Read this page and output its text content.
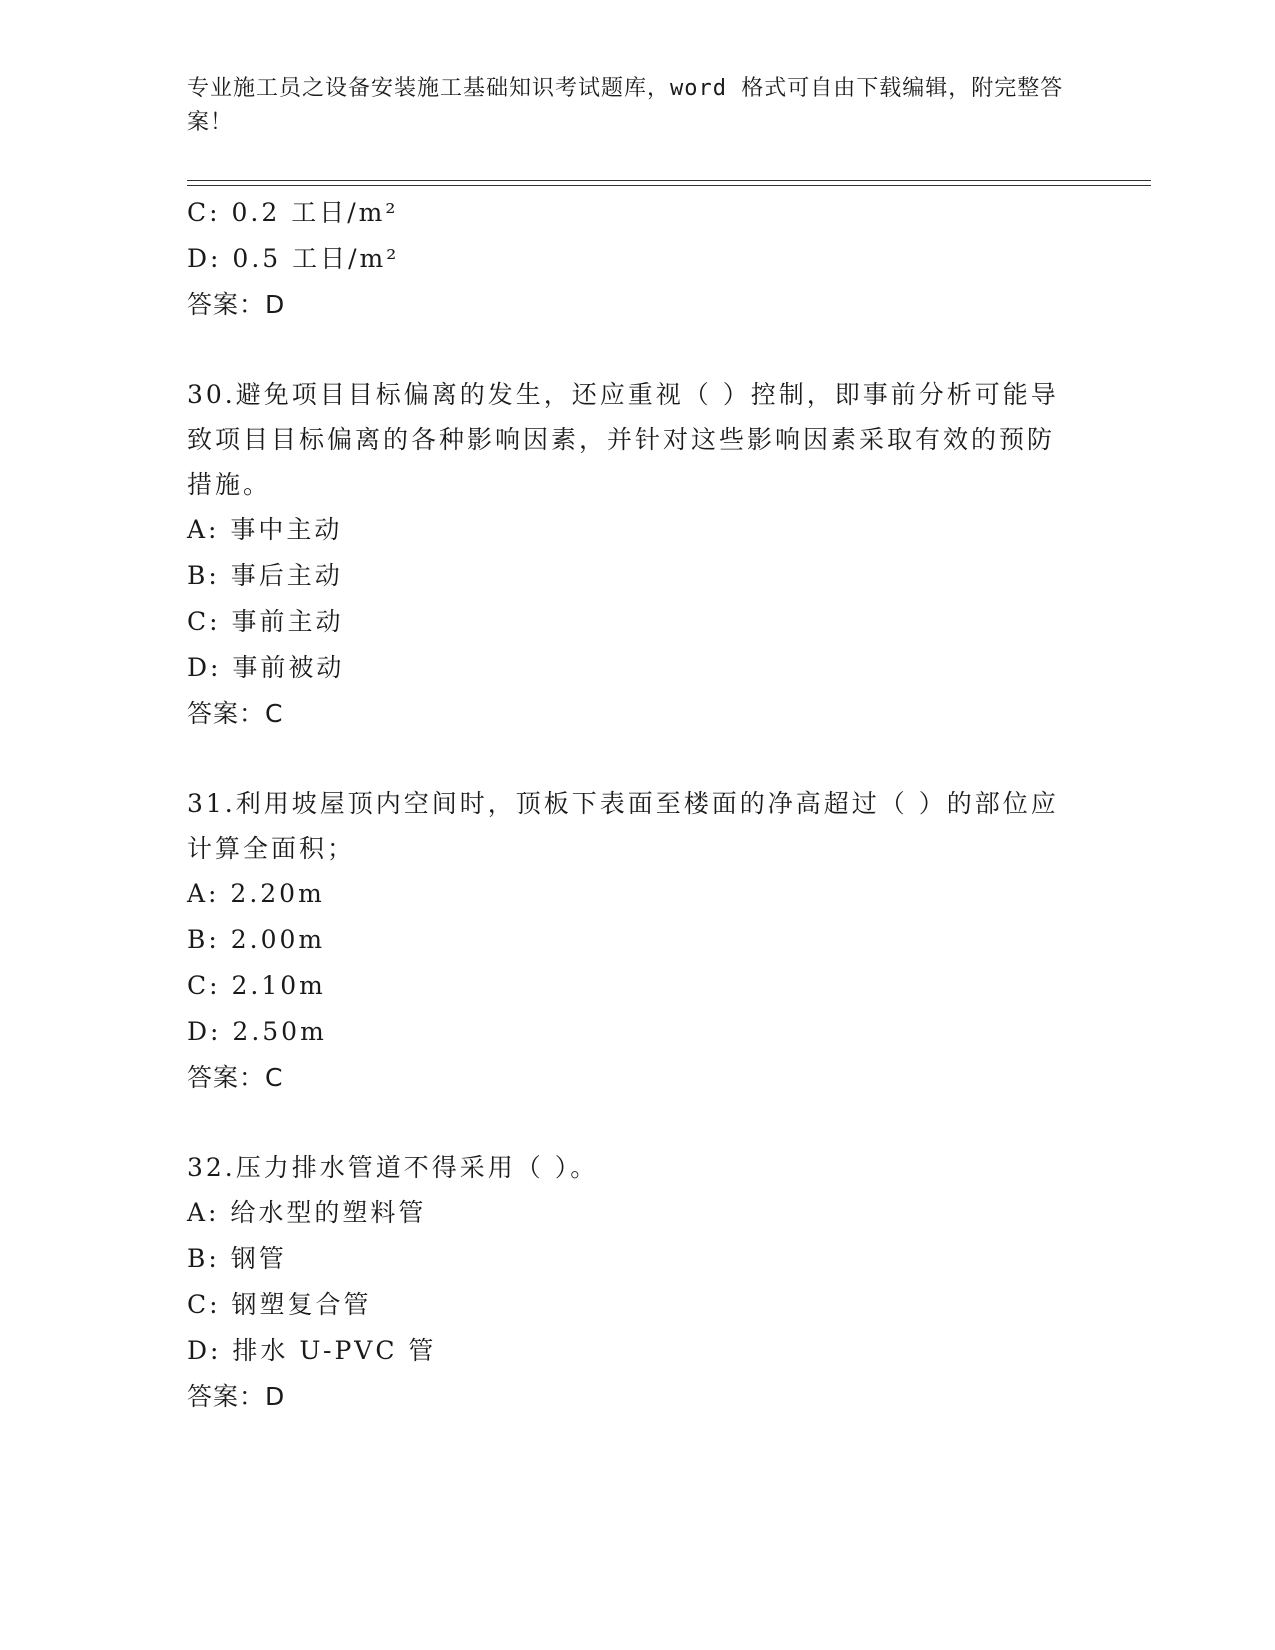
专业施工员之设备安装施工基础知识考试题库，word 格式可自由下载编辑，附完整答案！
C: 0.2 工日/m²
D: 0.5 工日/m²
答案：D
30.避免项目目标偏离的发生，还应重视（ ）控制，即事前分析可能导致项目目标偏离的各种影响因素，并针对这些影响因素采取有效的预防措施。
A: 事中主动
B: 事后主动
C: 事前主动
D: 事前被动
答案：C
31.利用坡屋顶内空间时，顶板下表面至楼面的净高超过（ ）的部位应计算全面积；
A: 2.20m
B: 2.00m
C: 2.10m
D: 2.50m
答案：C
32.压力排水管道不得采用（ ）。
A: 给水型的塑料管
B: 钢管
C: 钢塑复合管
D: 排水 U-PVC 管
答案：D
